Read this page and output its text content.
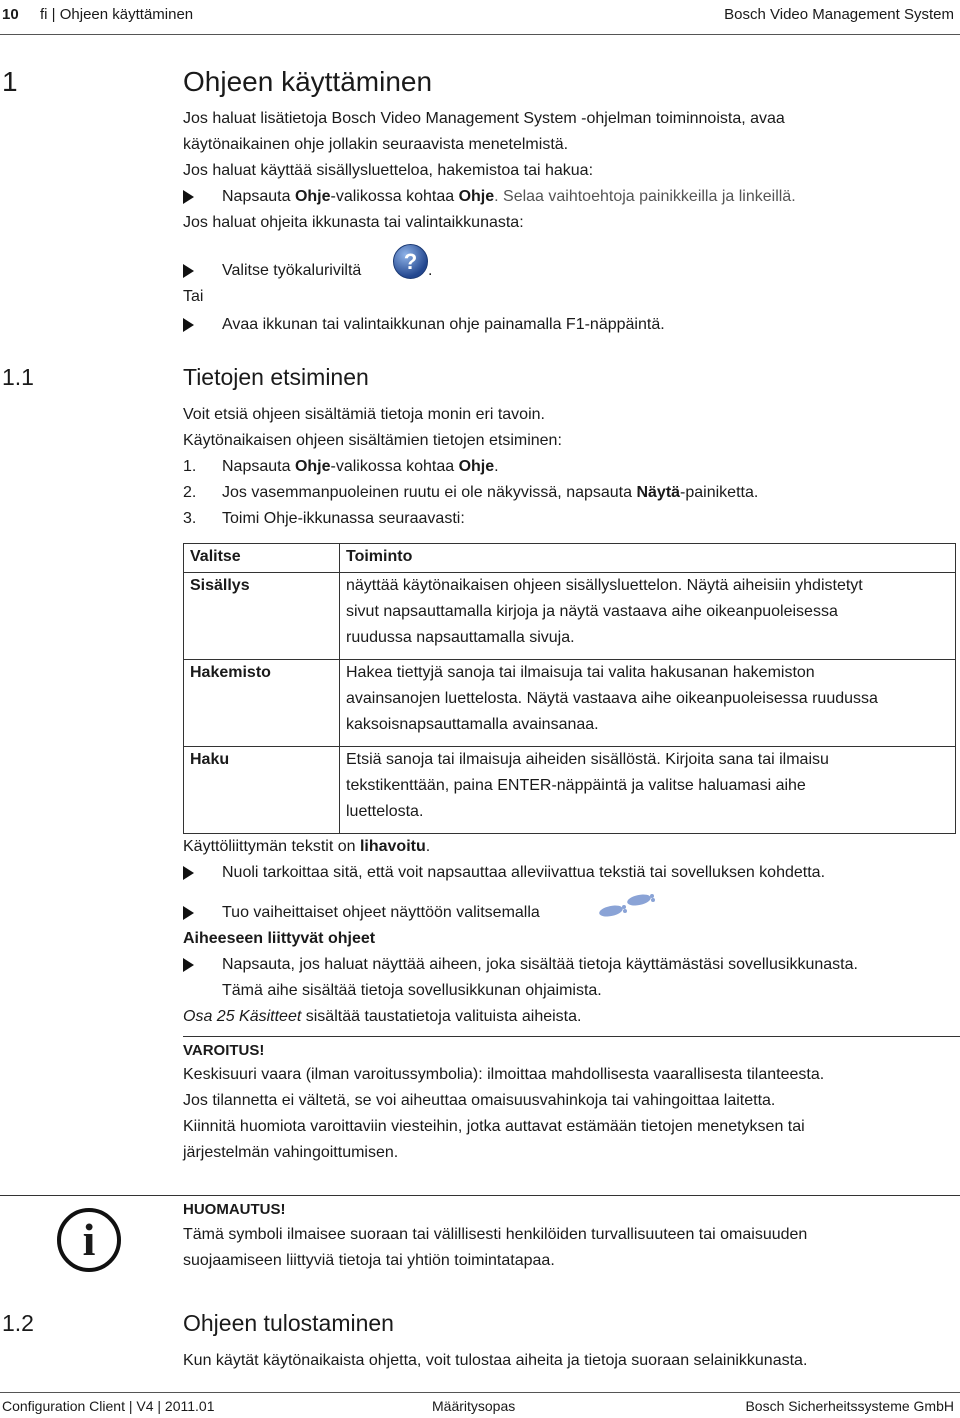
10 fi | Ohjeen käyttäminen	Bosch Video Management System
1	Ohjeen käyttäminen
Jos haluat lisätietoja Bosch Video Management System -ohjelman toiminnoista, avaa
käytönaikainen ohje jollakin seuraavista menetelmistä.
Jos haluat käyttää sisällysluetteloa, hakemistoa tai hakua:
Napsauta Ohje-valikossa kohtaa Ohje. Selaa vaihtoehtoja painikkeilla ja linkeillä.
Jos haluat ohjeita ikkunasta tai valintaikkunasta:
Valitse työkaluriviltä	? .
Tai
Avaa ikkunan tai valintaikkunan ohje painamalla F1-näppäintä.
1.1	Tietojen etsiminen
Voit etsiä ohjeen sisältämiä tietoja monin eri tavoin.
Käytönaikaisen ohjeen sisältämien tietojen etsiminen:
1. Napsauta Ohje-valikossa kohtaa Ohje.
2. Jos vasemmanpuoleinen ruutu ei ole näkyvissä, napsauta Näytä-painiketta.
3. Toimi Ohje-ikkunassa seuraavasti:
Valitse	Toiminto
Sisällys	näyttää käytönaikaisen ohjeen sisällysluettelon. Näytä aiheisiin yhdistetyt
sivut napsauttamalla kirjoja ja näytä vastaava aihe oikeanpuoleisessa
ruudussa napsauttamalla sivuja.

Hakemisto	Hakea tiettyjä sanoja tai ilmaisuja tai valita hakusanan hakemiston
avainsanojen luettelosta. Näytä vastaava aihe oikeanpuoleisessa ruudussa
kaksoisnapsauttamalla avainsanaa.

Haku	Etsiä sanoja tai ilmaisuja aiheiden sisällöstä. Kirjoita sana tai ilmaisu
tekstikenttään, paina ENTER-näppäintä ja valitse haluamasi aihe
luettelosta.
Käyttöliittymän tekstit on lihavoitu.
Nuoli tarkoittaa sitä, että voit napsauttaa alleviivattua tekstiä tai sovelluksen kohdetta.
Tuo vaiheittaiset ohjeet näyttöön valitsemalla
Aiheeseen liittyvät ohjeet
Napsauta, jos haluat näyttää aiheen, joka sisältää tietoja käyttämästäsi sovellusikkunasta.
Tämä aihe sisältää tietoja sovellusikkunan ohjaimista.
Osa 25 Käsitteet sisältää taustatietoja valituista aiheista.
VAROITUS!
Keskisuuri vaara (ilman varoitussymbolia): ilmoittaa mahdollisesta vaarallisesta tilanteesta.
Jos tilannetta ei vältetä, se voi aiheuttaa omaisuusvahinkoja tai vahingoittaa laitetta.
Kiinnitä huomiota varoittaviin viesteihin, jotka auttavat estämään tietojen menetyksen tai
järjestelmän vahingoittumisen.
i
HUOMAUTUS!
Tämä symboli ilmaisee suoraan tai välillisesti henkilöiden turvallisuuteen tai omaisuuden
suojaamiseen liittyviä tietoja tai yhtiön toimintatapaa.
1.2	Ohjeen tulostaminen
Kun käytät käytönaikaista ohjetta, voit tulostaa aiheita ja tietoja suoraan selainikkunasta.
Configuration Client | V4 | 2011.01	Määritysopas	Bosch Sicherheitssysteme GmbH
